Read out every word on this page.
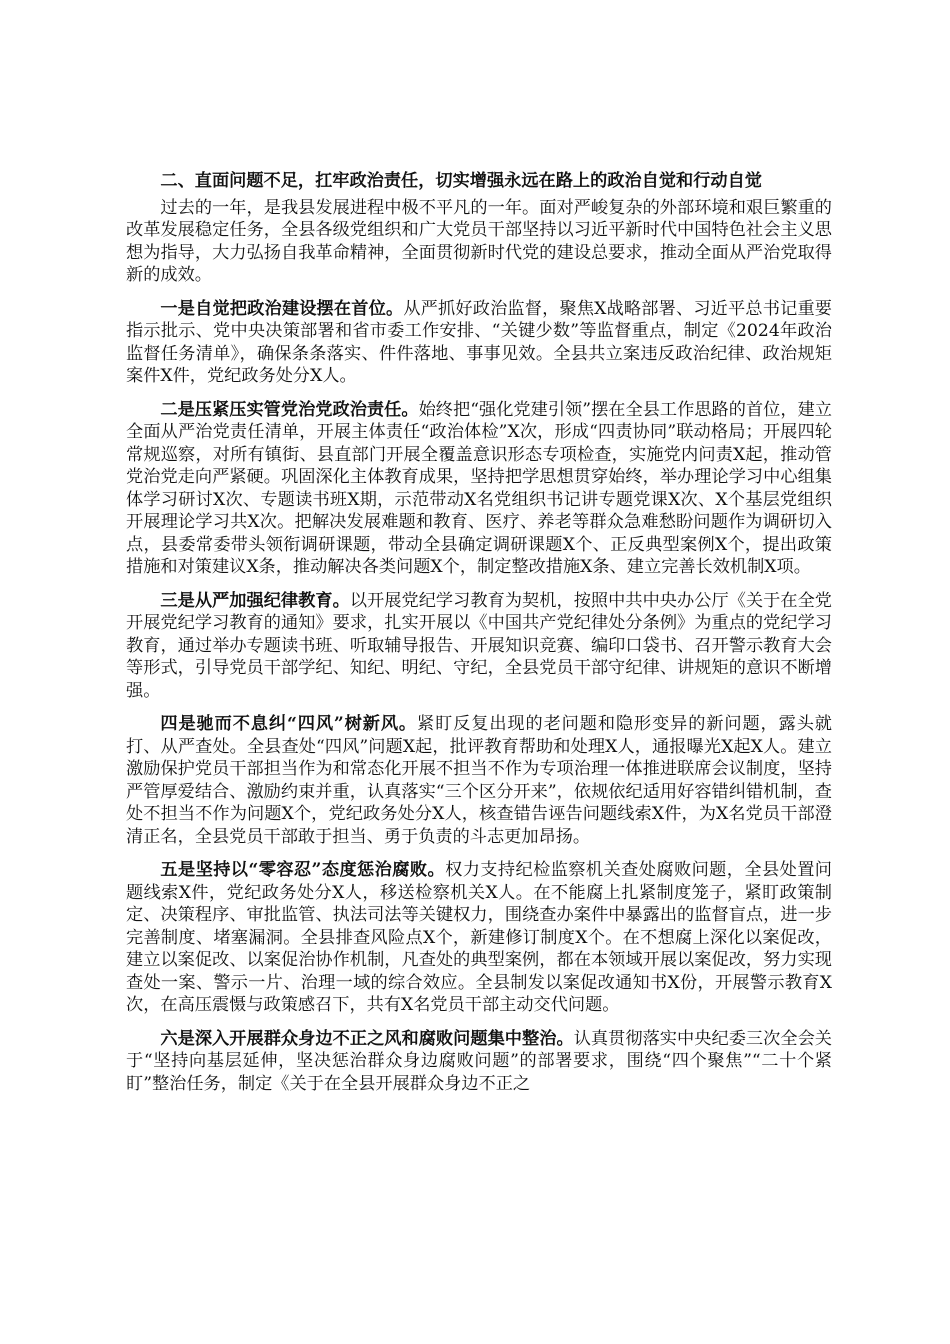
二、直面问题不足，扛牢政治责任，切实增强永远在路上的政治自觉和行动自觉

过去的一年，是我县发展进程中极不平凡的一年。面对严峻复杂的外部环境和艰巨繁重的改革发展稳定任务，全县各级党组织和广大党员干部坚持以习近平新时代中国特色社会主义思想为指导，大力弘扬自我革命精神，全面贯彻新时代党的建设总要求，推动全面从严治党取得新的成效。

一是自觉把政治建设摆在首位。从严抓好政治监督，聚焦X战略部署、习近平总书记重要指示批示、党中央决策部署和省市委工作安排、“关键少数”等监督重点，制定《2024年政治监督任务清单》，确保条条落实、件件落地、事事见效。全县共立案违反政治纪律、政治规矩案件X件，党纪政务处分X人。

二是压紧压实管党治党政治责任。始终把“强化党建引领”摆在全县工作思路的首位，建立全面从严治党责任清单，开展主体责任“政治体检”X次，形成“四责协同”联动格局；开展四轮常规巡察，对所有镇街、县直部门开展全覆盖意识形态专项检查，实施党内问责X起，推动管党治党走向严紧硬。巩固深化主体教育成果，坚持把学思想贯穿始终，举办理论学习中心组集体学习研讨X次、专题读书班X期，示范带动X名党组织书记讲专题党课X次、X个基层党组织开展理论学习共X次。把解决发展难题和教育、医疗、养老等群众急难愁盼问题作为调研切入点，县委常委带头领衔调研课题，带动全县确定调研课题X个、正反典型案例X个，提出政策措施和对策建议X条，推动解决各类问题X个，制定整改措施X条、建立完善长效机制X项。

三是从严加强纪律教育。以开展党纪学习教育为契机，按照中共中央办公厅《关于在全党开展党纪学习教育的通知》要求，扎实开展以《中国共产党纪律处分条例》为重点的党纪学习教育，通过举办专题读书班、听取辅导报告、开展知识竞赛、编印口袋书、召开警示教育大会等形式，引导党员干部学纪、知纪、明纪、守纪，全县党员干部守纪律、讲规矩的意识不断增强。

四是驰而不息纠“四风”树新风。紧盯反复出现的老问题和隐形变异的新问题，露头就打、从严查处。全县查处“四风”问题X起，批评教育帮助和处理X人，通报曝光X起X人。建立激励保护党员干部担当作为和常态化开展不担当不作为专项治理一体推进联席会议制度，坚持严管厚爱结合、激励约束并重，认真落实“三个区分开来”，依规依纪适用好容错纠错机制，查处不担当不作为问题X个，党纪政务处分X人，核查错告诬告问题线索X件，为X名党员干部澄清正名，全县党员干部敢于担当、勇于负责的斗志更加昂扬。

五是坚持以“零容忍”态度惩治腐败。权力支持纪检监察机关查处腐败问题，全县处置问题线索X件，党纪政务处分X人，移送检察机关X人。在不能腐上扎紧制度笼子，紧盯政策制定、决策程序、审批监管、执法司法等关键权力，围绕查办案件中暴露出的监督盲点，进一步完善制度、堵塞漏洞。全县排查风险点X个，新建修订制度X个。在不想腐上深化以案促改，建立以案促改、以案促治协作机制，凡查处的典型案例，都在本领域开展以案促改，努力实现查处一案、警示一片、治理一域的综合效应。全县制发以案促改通知书X份，开展警示教育X次，在高压震慑与政策感召下，共有X名党员干部主动交代问题。

六是深入开展群众身边不正之风和腐败问题集中整治。认真贯彻落实中央纪委三次全会关于“坚持向基层延伸，坚决惩治群众身边腐败问题”的部署要求，围绕“四个聚焦”“二十个紧盯”整治任务，制定《关于在全县开展群众身边不正之
